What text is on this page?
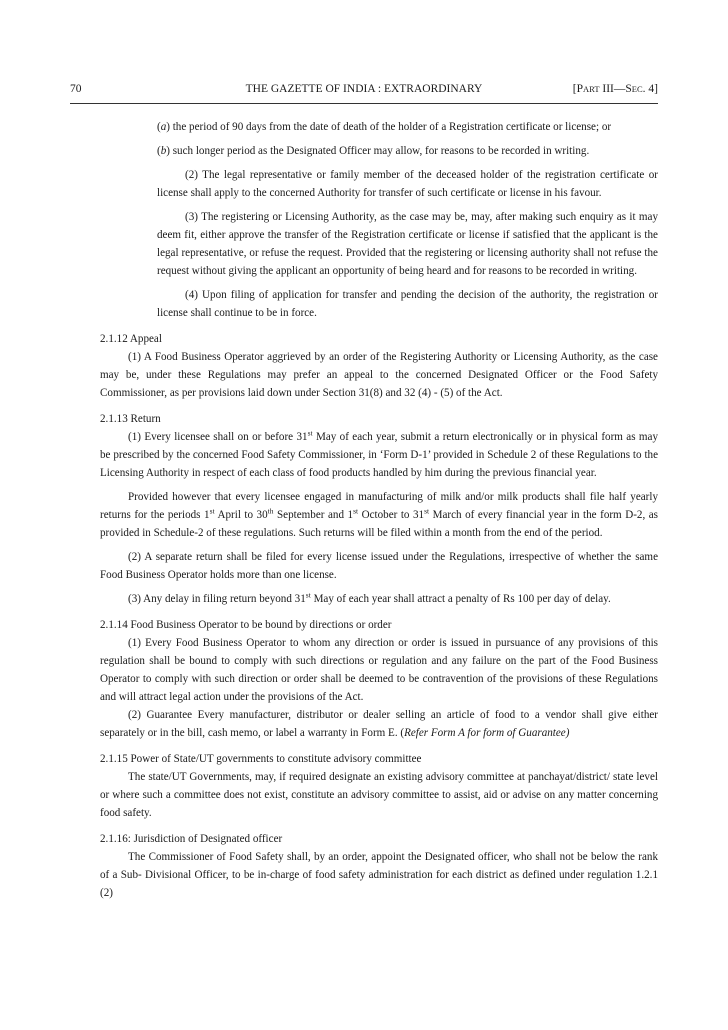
70	THE GAZETTE OF INDIA : EXTRAORDINARY	[PART III—SEC. 4]

(a) the period of 90 days from the date of death of the holder of a Registration certificate or license; or

(b) such longer period as the Designated Officer may allow, for reasons to be recorded in writing.

(2) The legal representative or family member of the deceased holder of the registration certificate or license shall apply to the concerned Authority for transfer of such certificate or license in his favour.

(3) The registering or Licensing Authority, as the case may be, may, after making such enquiry as it may deem fit, either approve the transfer of the Registration certificate or license if satisfied that the applicant is the legal representative, or refuse the request. Provided that the registering or licensing authority shall not refuse the request without giving the applicant an opportunity of being heard and for reasons to be recorded in writing.

(4) Upon filing of application for transfer and pending the decision of the authority, the registration or license shall continue to be in force.

2.1.12 Appeal

(1) A Food Business Operator aggrieved by an order of the Registering Authority or Licensing Authority, as the case may be, under these Regulations may prefer an appeal to the concerned Designated Officer or the Food Safety Commissioner, as per provisions laid down under Section 31(8) and 32 (4) - (5) of the Act.

2.1.13 Return

(1) Every licensee shall on or before 31st May of each year, submit a return electronically or in physical form as may be prescribed by the concerned Food Safety Commissioner, in ‘Form D-1’ provided in Schedule 2 of these Regulations to the Licensing Authority in respect of each class of food products handled by him during the previous financial year.

Provided however that every licensee engaged in manufacturing of milk and/or milk products shall file half yearly returns for the periods 1st April to 30th September and 1st October to 31st March of every financial year in the form D-2, as provided in Schedule-2 of these regulations. Such returns will be filed within a month from the end of the period.

(2) A separate return shall be filed for every license issued under the Regulations, irrespective of whether the same Food Business Operator holds more than one license.

(3) Any delay in filing return beyond 31st May of each year shall attract a penalty of Rs 100 per day of delay.

2.1.14 Food Business Operator to be bound by directions or order

(1) Every Food Business Operator to whom any direction or order is issued in pursuance of any provisions of this regulation shall be bound to comply with such directions or regulation and any failure on the part of the Food Business Operator to comply with such direction or order shall be deemed to be contravention of the provisions of these Regulations and will attract legal action under the provisions of the Act.

(2) Guarantee Every manufacturer, distributor or dealer selling an article of food to a vendor shall give either separately or in the bill, cash memo, or label a warranty in Form E. (Refer Form A for form of Guarantee)

2.1.15 Power of State/UT governments to constitute advisory committee

The state/UT Governments, may, if required designate an existing advisory committee at panchayat/district/ state level or where such a committee does not exist, constitute an advisory committee to assist, aid or advise on any matter concerning food safety.

2.1.16: Jurisdiction of Designated officer

The Commissioner of Food Safety shall, by an order, appoint the Designated officer, who shall not be below the rank of a Sub- Divisional Officer, to be in-charge of food safety administration for each district as defined under regulation 1.2.1 (2)
